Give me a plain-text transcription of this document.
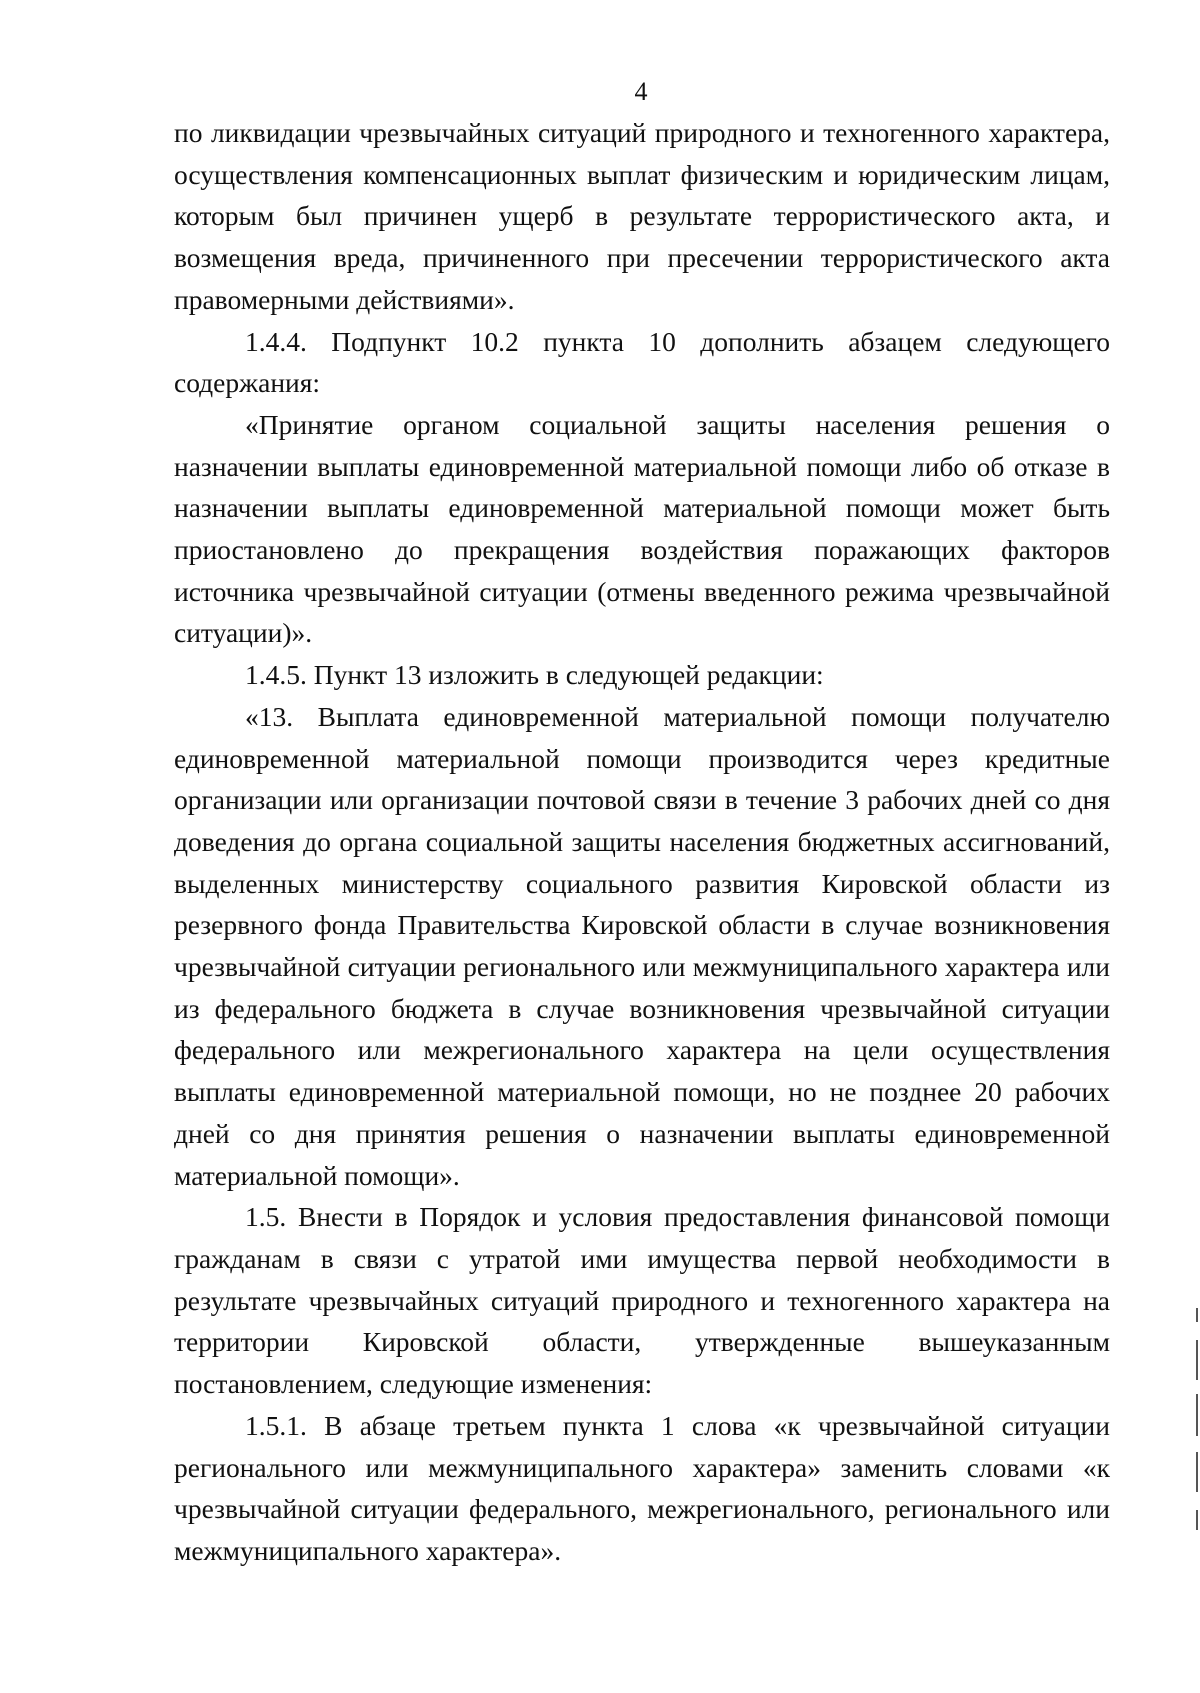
4

по ликвидации чрезвычайных ситуаций природного и техногенного характера, осуществления компенсационных выплат физическим и юридическим лицам, которым был причинен ущерб в результате террористического акта, и возмещения вреда, причиненного при пресечении террористического акта правомерными действиями».

1.4.4. Подпункт 10.2 пункта 10 дополнить абзацем следующего содержания:

«Принятие органом социальной защиты населения решения о назначении выплаты единовременной материальной помощи либо об отказе в назначении выплаты единовременной материальной помощи может быть приостановлено до прекращения воздействия поражающих факторов источника чрезвычайной ситуации (отмены введенного режима чрезвычайной ситуации)».

1.4.5. Пункт 13 изложить в следующей редакции:

«13. Выплата единовременной материальной помощи получателю единовременной материальной помощи производится через кредитные организации или организации почтовой связи в течение 3 рабочих дней со дня доведения до органа социальной защиты населения бюджетных ассигнований, выделенных министерству социального развития Кировской области из резервного фонда Правительства Кировской области в случае возникновения чрезвычайной ситуации регионального или межмуниципального характера или из федерального бюджета в случае возникновения чрезвычайной ситуации федерального или межрегионального характера на цели осуществления выплаты единовременной материальной помощи, но не позднее 20 рабочих дней со дня принятия решения о назначении выплаты единовременной материальной помощи».

1.5. Внести в Порядок и условия предоставления финансовой помощи гражданам в связи с утратой ими имущества первой необходимости в результате чрезвычайных ситуаций природного и техногенного характера на территории Кировской области, утвержденные вышеуказанным постановлением, следующие изменения:

1.5.1. В абзаце третьем пункта 1 слова «к чрезвычайной ситуации регионального или межмуниципального характера» заменить словами «к чрезвычайной ситуации федерального, межрегионального, регионального или межмуниципального характера».
